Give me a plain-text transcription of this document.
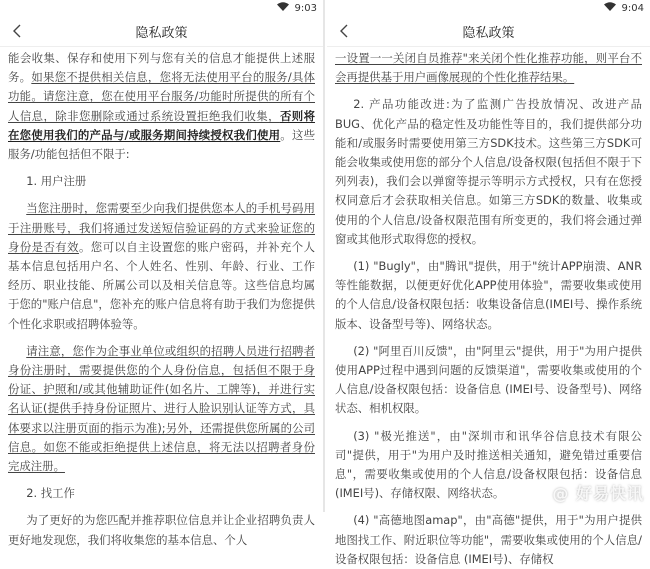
9:03
隐私政策

能会收集、保存和使用下列与您有关的信息才能提供上述服务。如果您不提供相关信息，您将无法使用平台的服务/具体功能。请您注意，您在使用平台服务/功能时所提供的所有个人信息，除非您删除或通过系统设置拒绝我们收集，否则将在您使用我们的产品与/或服务期间持续授权我们使用。这些服务/功能包括但不限于:

1. 用户注册

当您注册时，您需要至少向我们提供您本人的手机号码用于注册账号，我们将通过发送短信验证码的方式来验证您的身份是否有效。您可以自主设置您的账户密码，并补充个人基本信息包括用户名、个人姓名、性别、年龄、行业、工作经历、职业技能、所属公司以及相关信息等。这些信息均属于您的"账户信息"，您补充的账户信息将有助于我们为您提供个性化求职或招聘体验等。

请注意，您作为企事业单位或组织的招聘人员进行招聘者身份注册时，需要提供您的个人身份信息，包括但不限于身份证、护照和/或其他辅助证件(如名片、工牌等)，并进行实名认证(提供手持身份证照片、进行人脸识别认证等方式，具体要求以注册页面的指示为准);另外，还需提供您所属的公司信息。如您不能或拒绝提供上述信息，将无法以招聘者身份完成注册。

2. 找工作

为了更好的为您匹配并推荐职位信息并让企业招聘负责人更好地发现您，我们将收集您的基本信息、个人

9:04
隐私政策

一设置一一关闭自员推荐"来关闭个性化推荐功能，则平台不会再提供基于用户画像展现的个性化推荐结果。

2. 产品功能改进:为了监测广告投放情况、改进产品BUG、优化产品的稳定性及功能性等目的，我们提供部分功能和/或服务时需要使用第三方SDK技术。这些第三方SDK可能会收集或使用您的部分个人信息/设备权限(包括但不限于下列列表)，我们会以弹窗等提示等明示方式授权，只有在您授权同意后才会获取相关信息。如第三方SDK的数量、收集或使用的个人信息/设备权限范围有所变更的，我们将会通过弹窗或其他形式取得您的授权。

(1) "Bugly"，由"腾讯"提供，用于"统计APP崩溃、ANR等性能数据，以便更好优化APP使用体验"，需要收集或使用的个人信息/设备权限包括：收集设备信息(IMEI号、操作系统版本、设备型号等)、网络状态。

(2) "阿里百川反馈"，由"阿里云"提供，用于"为用户提供使用APP过程中遇到问题的反馈渠道"，需要收集或使用的个人信息/设备权限包括：设备信息 (IMEI号、设备型号)、网络状态、相机权限。

(3) "极光推送"，由"深圳市和讯华谷信息技术有限公司"提供，用于"为用户及时推送相关通知，避免错过重要信息"，需要收集或使用的个人信息/设备权限包括：设备信息 (IMEI号)、存储权限、网络状态。

(4) "高德地图amap"，由"高德"提供，用于"为用户提供地图找工作、附近职位等功能"，需要收集或使用的个人信息/设备权限包括：设备信息 (IMEI号)、存储权

@ 好易快讯
